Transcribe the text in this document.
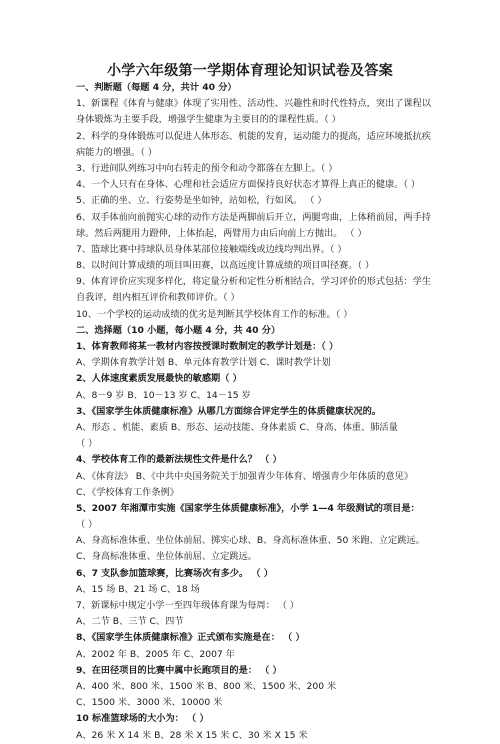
小学六年级第一学期体育理论知识试卷及答案
一、判断题（每题 4 分，共计 40 分）
1、新课程《体育与健康》体现了实用性、活动性、兴趣性和时代性特点，突出了课程以
身体锻炼为主要手段，增强学生健康为主要目的的课程性质。（ ）
2、科学的身体锻炼可以促进人体形态、机能的发育，运动能力的提高，适应环境抵抗疾
病能力的增强。（ ）
3、行进间队列练习中向右转走的预令和动令都落在左脚上。（ ）
4、一个人只有在身体、心理和社会适应方面保持良好状态才算得上真正的健康。（ ）
5、正确的坐、立、行姿势是坐如钟，站如松，行如风。 （ ）
6、双手体前向前抛实心球的动作方法是两脚前后开立，两腿弯曲，上体稍前屈，两手持
球。然后两腿用力蹬伸，上体抬起，两臂用力由后向前上方抛出。 （ ）
7、篮球比赛中持球队员身体某部位接触端线或边线均判出界。（ ）
8、以时间计算成绩的项目叫田赛，以高远度计算成绩的项目叫径赛。（ ）
9、体育评价应实现多样化，将定量分析和定性分析相结合，学习评价的形式包括：学生
自我评，组内相互评价和教师评价。（ ）
10、一个学校的运动成绩的优劣是判断其学校体育工作的标准。（ ）
二、选择题（10 小题，每小题 4 分，共 40 分）
1、体育教师将某一教材内容按授课时数制定的教学计划是：（ ）
A、学期体育教学计划 B、单元体育教学计划 C、课时教学计划
2、人体速度素质发展最快的敏感期（ ）
A、8－9 岁 B、10－13 岁 C、14－15 岁
3、《国家学生体质健康标准》从哪几方面综合评定学生的体质健康状况的。
A、形态 、机能、素质 B、形态、运动技能、身体素质 C、身高、体重、肺活量
（ ）
4、学校体育工作的最新法规性文件是什么？ （ ）
A、《体育法》 B、《中共中央国务院关于加强青少年体育、增强青少年体质的意见》
C、《学校体育工作条例》
5、2007 年湘潭市实施《国家学生体质健康标准》，小学 1—4 年级测试的项目是：
（ ）
A、身高标准体重、坐位体前屈、掷实心球、B、身高标准体重、50 米跑、立定跳远。
C、身高标准体重、坐位体前屈、立定跳远。
6、7 支队参加篮球赛，比赛场次有多少。 （ ）
A、15 场 B、21 场 C、18 场
7、新课标中规定小学一至四年级体育课为每周： （ ）
A、二节 B、三节 C、四节
8、《国家学生体质健康标准》正式颁布实施是在： （ ）
A、2002 年 B、2005 年 C、2007 年
9、在田径项目的比赛中属中长跑项目的是： （ ）
A、400 米、800 米、1500 米 B、800 米、1500 米、200 米
C、1500 米、3000 米、10000 米
10 标准篮球场的大小为： （ ）
A、26 米 X 14 米 B、28 米 X 15 米 C、30 米 X 15 米
